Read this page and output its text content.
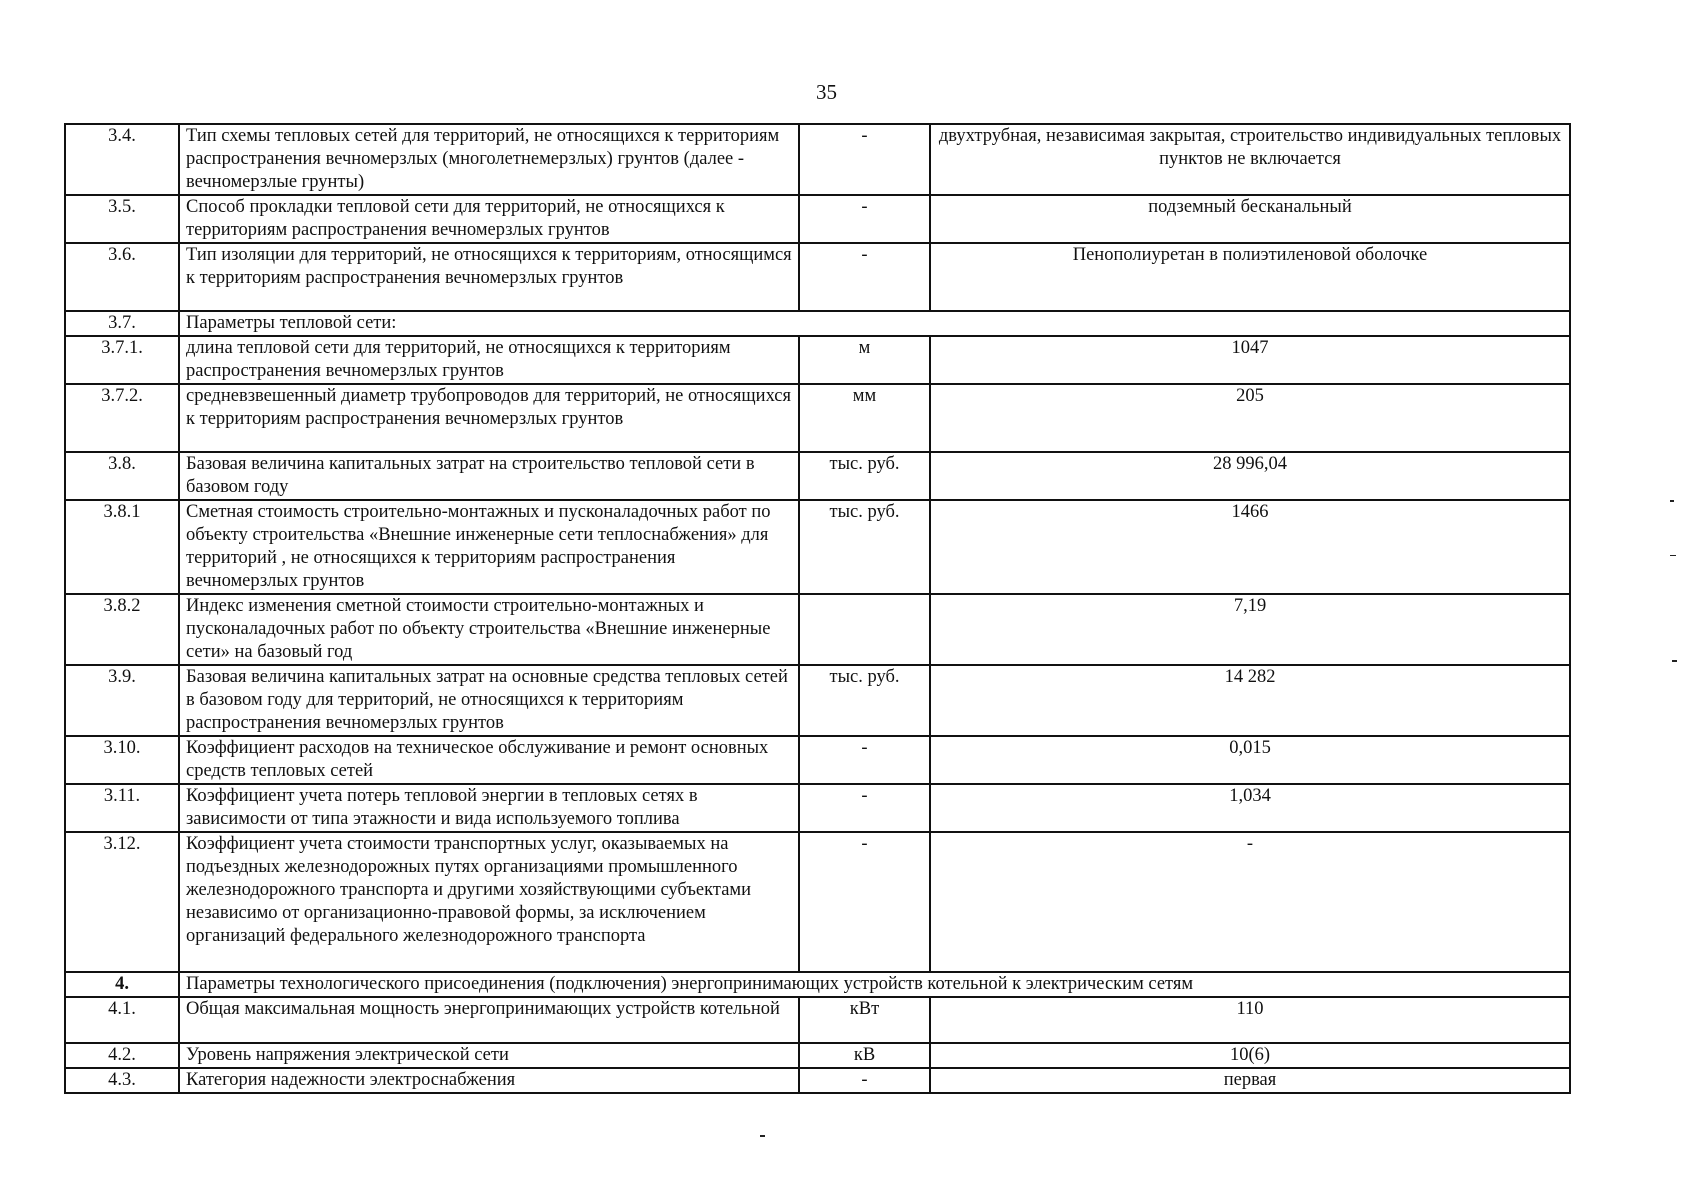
35
3.4.	Тип схемы тепловых сетей для территорий, не относящихся к территориям распространения вечномерзлых (многолетнемерзлых) грунтов (далее - вечномерзлые грунты)	-	двухтрубная, независимая закрытая, строительство индивидуальных тепловых пунктов не включается
3.5.	Способ прокладки тепловой сети для территорий, не относящихся к территориям распространения вечномерзлых грунтов	-	подземный бесканальный
3.6.	Тип изоляции для территорий, не относящихся к территориям, относящимся к территориям распространения вечномерзлых грунтов	-	Пенополиуретан в полиэтиленовой оболочке
3.7.	Параметры тепловой сети:		
3.7.1.	длина тепловой сети для территорий, не относящихся к территориям распространения вечномерзлых грунтов	м	1047
3.7.2.	средневзвешенный диаметр трубопроводов для территорий, не относящихся к территориям распространения вечномерзлых грунтов	мм	205
3.8.	Базовая величина капитальных затрат на строительство тепловой сети в базовом году	тыс. руб.	28 996,04
3.8.1	Сметная стоимость строительно-монтажных и пусконаладочных работ по объекту строительства «Внешние инженерные сети теплоснабжения» для территорий , не относящихся к территориям распространения вечномерзлых грунтов	тыс. руб.	1466
3.8.2	Индекс изменения сметной стоимости строительно-монтажных и пусконаладочных работ по объекту строительства «Внешние инженерные сети» на базовый год		7,19
3.9.	Базовая величина капитальных затрат на основные средства тепловых сетей в базовом году для территорий, не относящихся к территориям распространения вечномерзлых грунтов	тыс. руб.	14 282
3.10.	Коэффициент расходов на техническое обслуживание и ремонт основных средств тепловых сетей	-	0,015
3.11.	Коэффициент учета потерь тепловой энергии в тепловых сетях в зависимости от типа этажности и вида используемого топлива	-	1,034
3.12.	Коэффициент учета стоимости транспортных услуг, оказываемых на подъездных железнодорожных путях организациями промышленного железнодорожного транспорта и другими хозяйствующими субъектами независимо от организационно-правовой формы, за исключением организаций федерального железнодорожного транспорта	-	-
4.	Параметры технологического присоединения (подключения) энергопринимающих устройств котельной к электрическим сетям		
4.1.	Общая максимальная мощность энергопринимающих устройств котельной	кВт	110
4.2.	Уровень напряжения электрической сети	кВ	10(6)
4.3.	Категория надежности электроснабжения	-	первая
